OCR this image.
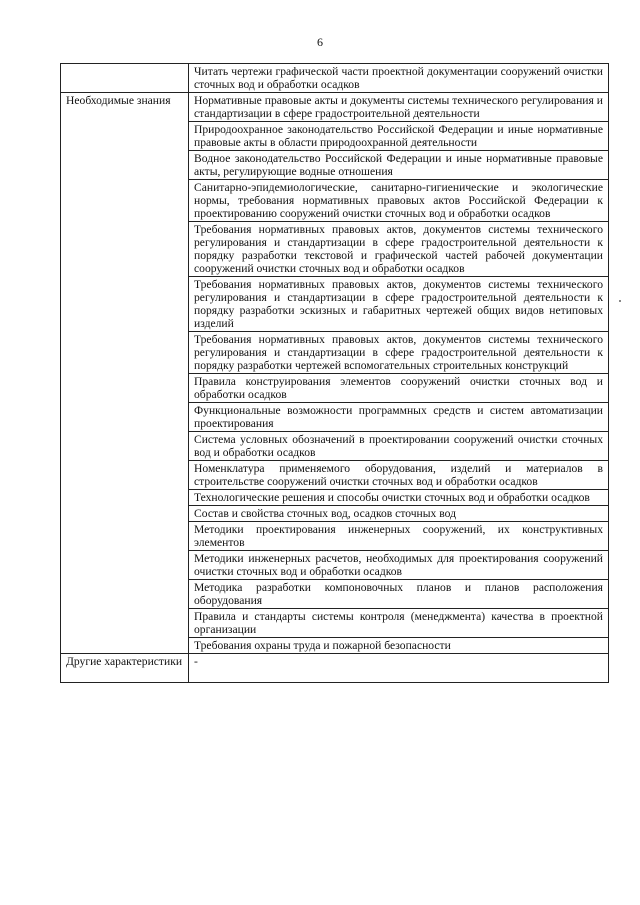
6
	Читать чертежи графической части проектной документации сооружений очистки сточных вод и обработки осадков
Необходимые знания	Нормативные правовые акты и документы системы технического регулирования и стандартизации в сфере градостроительной деятельности
	Природоохранное законодательство Российской Федерации и иные нормативные правовые акты в области природоохранной деятельности
	Водное законодательство Российской Федерации и иные нормативные правовые акты, регулирующие водные отношения
	Санитарно-эпидемиологические, санитарно-гигиенические и экологические нормы, требования нормативных правовых актов Российской Федерации к проектированию сооружений очистки сточных вод и обработки осадков
	Требования нормативных правовых актов, документов системы технического регулирования и стандартизации в сфере градостроительной деятельности к порядку разработки текстовой и графической частей рабочей документации сооружений очистки сточных вод и обработки осадков
	Требования нормативных правовых актов, документов системы технического регулирования и стандартизации в сфере градостроительной деятельности к порядку разработки эскизных и габаритных чертежей общих видов нетиповых изделий
	Требования нормативных правовых актов, документов системы технического регулирования и стандартизации в сфере градостроительной деятельности к порядку разработки чертежей вспомогательных строительных конструкций
	Правила конструирования элементов сооружений очистки сточных вод и обработки осадков
	Функциональные возможности программных средств и систем автоматизации проектирования
	Система условных обозначений в проектировании сооружений очистки сточных вод и обработки осадков
	Номенклатура применяемого оборудования, изделий и материалов в строительстве сооружений очистки сточных вод и обработки осадков
	Технологические решения и способы очистки сточных вод и обработки осадков
	Состав и свойства сточных вод, осадков сточных вод
	Методики проектирования инженерных сооружений, их конструктивных элементов
	Методики инженерных расчетов, необходимых для проектирования сооружений очистки сточных вод и обработки осадков
	Методика разработки компоновочных планов и планов расположения оборудования
	Правила и стандарты системы контроля (менеджмента) качества в проектной организации
	Требования охраны труда и пожарной безопасности
Другие характеристики	-
